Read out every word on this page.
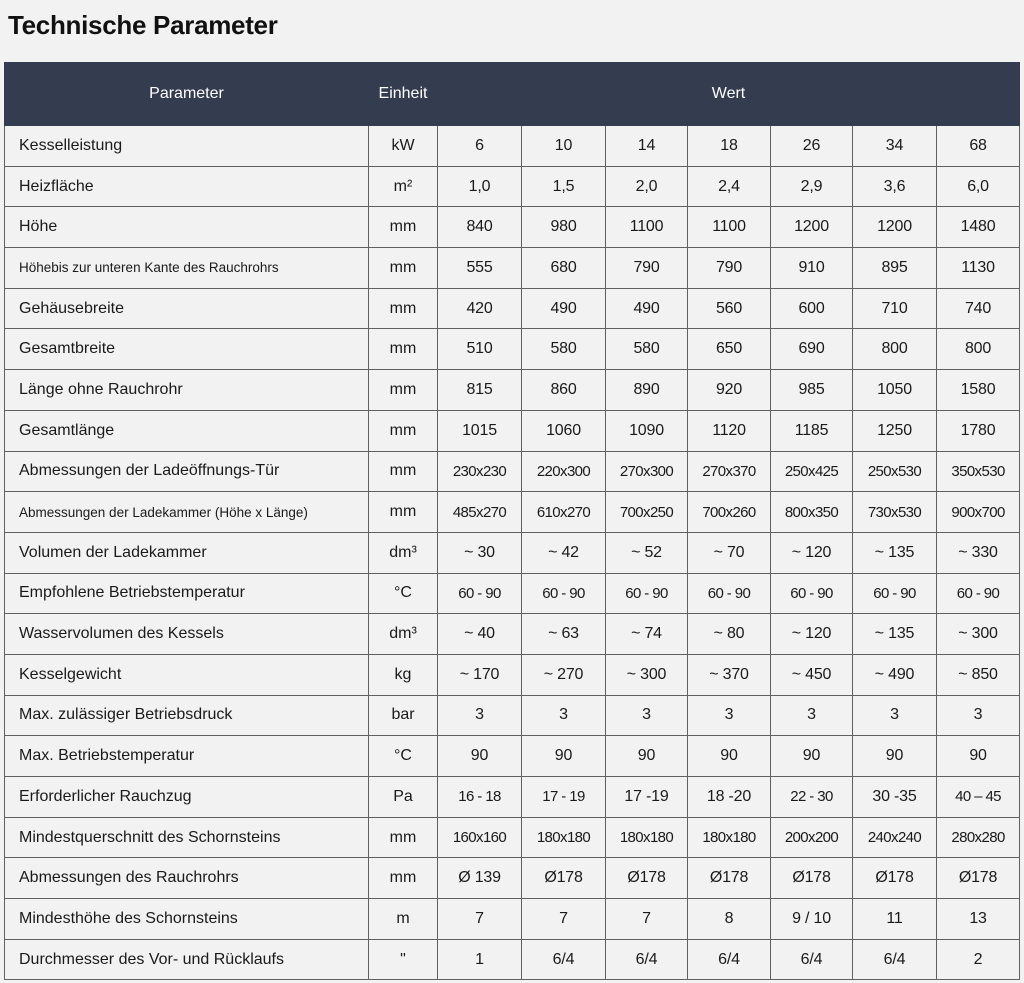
Technische Parameter
Parameter	Einheit	Wert						
Kesselleistung	kW	6	10	14	18	26	34	68
Heizfläche	m²	1,0	1,5	2,0	2,4	2,9	3,6	6,0
Höhe	mm	840	980	1100	1100	1200	1200	1480
Höhebis zur unteren Kante des Rauchrohrs	mm	555	680	790	790	910	895	1130
Gehäusebreite	mm	420	490	490	560	600	710	740
Gesamtbreite	mm	510	580	580	650	690	800	800
Länge ohne Rauchrohr	mm	815	860	890	920	985	1050	1580
Gesamtlänge	mm	1015	1060	1090	1120	1185	1250	1780
Abmessungen der Ladeöffnungs-Tür	mm	230x230	220x300	270x300	270x370	250x425	250x530	350x530
Abmessungen der Ladekammer (Höhe x Länge)	mm	485x270	610x270	700x250	700x260	800x350	730x530	900x700
Volumen der Ladekammer	dm³	~ 30	~ 42	~ 52	~ 70	~ 120	~ 135	~ 330
Empfohlene Betriebstemperatur	°C	60 - 90	60 - 90	60 - 90	60 - 90	60 - 90	60 - 90	60 - 90
Wasservolumen des Kessels	dm³	~ 40	~ 63	~ 74	~ 80	~ 120	~ 135	~ 300
Kesselgewicht	kg	~ 170	~ 270	~ 300	~ 370	~ 450	~ 490	~ 850
Max. zulässiger Betriebsdruck	bar	3	3	3	3	3	3	3
Max. Betriebstemperatur	°C	90	90	90	90	90	90	90
Erforderlicher Rauchzug	Pa	16 - 18	17 - 19	17 -19	18 -20	22 - 30	30 -35	40 – 45
Mindestquerschnitt des Schornsteins	mm	160x160	180x180	180x180	180x180	200x200	240x240	280x280
Abmessungen des Rauchrohrs	mm	Ø 139	Ø178	Ø178	Ø178	Ø178	Ø178	Ø178
Mindesthöhe des Schornsteins	m	7	7	7	8	9 / 10	11	13
Durchmesser des Vor- und Rücklaufs	"	1	6/4	6/4	6/4	6/4	6/4	2
